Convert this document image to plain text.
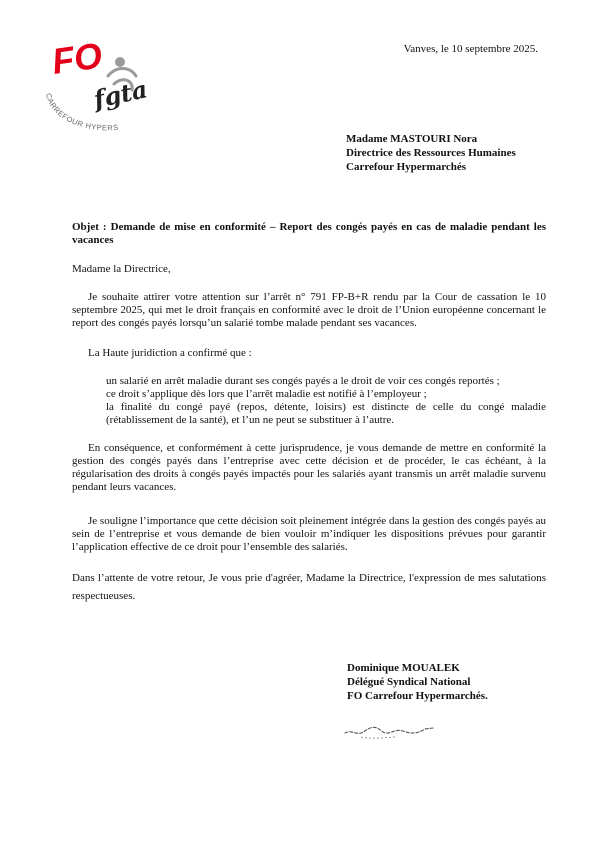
FO
fgta
CARREFOUR HYPERS
Vanves, le 10 septembre 2025.
Madame MASTOURI Nora
Directrice des Ressources Humaines
Carrefour Hypermarchés
Objet : Demande de mise en conformité – Report des congés payés en cas de maladie pendant les vacances
Madame la Directrice,
Je souhaite attirer votre attention sur l’arrêt n° 791 FP-B+R rendu par la Cour de cassation le 10 septembre 2025, qui met le droit français en conformité avec le droit de l’Union européenne concernant le report des congés payés lorsqu’un salarié tombe malade pendant ses vacances.
La Haute juridiction a confirmé que :
un salarié en arrêt maladie durant ses congés payés a le droit de voir ces congés reportés ;
ce droit s’applique dès lors que l’arrêt maladie est notifié à l’employeur ;
la finalité du congé payé (repos, détente, loisirs) est distincte de celle du congé maladie (rétablissement de la santé), et l’un ne peut se substituer à l’autre.
En conséquence, et conformément à cette jurisprudence, je vous demande de mettre en conformité la gestion des congés payés dans l’entreprise avec cette décision et de procéder, le cas échéant, à la régularisation des droits à congés payés impactés pour les salariés ayant transmis un arrêt maladie survenu pendant leurs vacances.
Je souligne l’importance que cette décision soit pleinement intégrée dans la gestion des congés payés au sein de l’entreprise et vous demande de bien vouloir m’indiquer les dispositions prévues pour garantir l’application effective de ce droit pour l’ensemble des salariés.
Dans l’attente de votre retour, Je vous prie d'agréer, Madame la Directrice, l'expression de mes salutations respectueuses.
Dominique MOUALEK
Délégué Syndical National
FO Carrefour Hypermarchés.
